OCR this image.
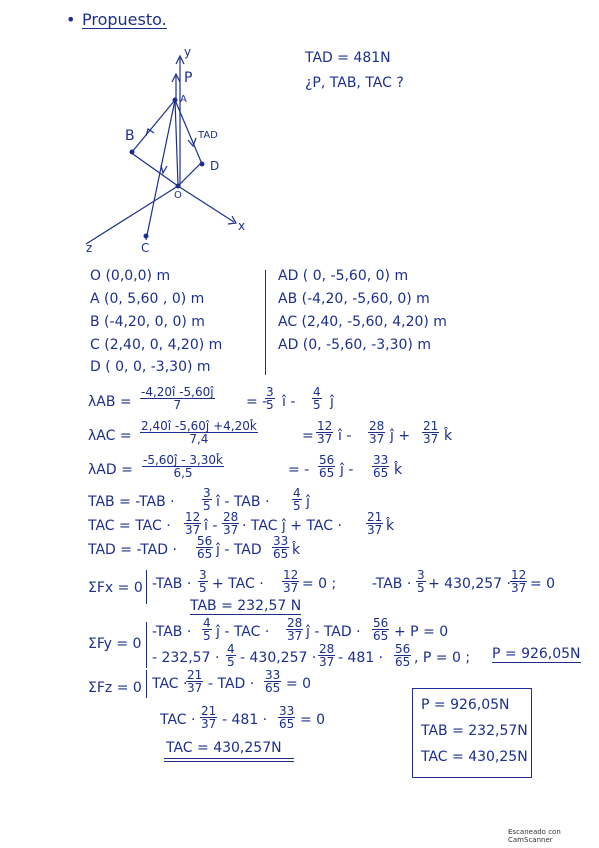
• Propuesto.
TAD = 481N
¿P, TAB, TAC ?
y
P
A
B	TAD
D
O
x
z	C
O (0,0,0) m
A (0, 5,60 , 0) m
B (-4,20, 0, 0) m
C (2,40, 0, 4,20) m
D ( 0, 0, -3,30) m
AD ( 0, -5,60, 0) m
AB (-4,20, -5,60, 0) m
AC (2,40, -5,60, 4,20) m
AD (0, -5,60, -3,30) m
$\lambda AB = \frac{-4,20î -5,60ĵ}{7}$ = -
$\frac{3}{5}$ î - $\frac{4}{5}$ ĵ
$\lambda AC = \frac{2,40î -5,60ĵ +4,20k̂}{7,4}$	= $\frac{12}{37}$ î - $\frac{28}{37}$ ĵ + $\frac{21}{37}$ k̂
$\lambda AD = \frac{-5,60ĵ - 3,30k̂}{6,5}$	= - $\frac{56}{65}$ ĵ - $\frac{33}{65}$ k̂
TAB = $-TAB \cdot \frac{3}{5}$ î - TAB · $\frac{4}{5}$ ĵ
TAC = TAC · $\frac{12}{37}$ î - $\frac{28}{37}$ · TAC ĵ + TAC · $\frac{21}{37}$ k̂
TAD = $-TAD \cdot \frac{56}{65}$ ĵ - TAD $\frac{33}{65}$ k̂
ΣFx = 0 $-TAB \cdot \frac{3}{5}$ + TAC · $\frac{12}{37} = 0$ ;	$-TAB \cdot \frac{3}{5} + 430,257 \cdot \frac{12}{37} = 0$
TAB = 232,57 N
ΣFy = 0
$-TAB \cdot \frac{4}{5}$ ĵ - TAC · $\frac{28}{37}$ ĵ - TAD · $\frac{56}{65} + P = 0$
- $232,57 \cdot \frac{4}{5} - 430,257 \cdot \frac{28}{37} - 481 \cdot \frac{56}{65}$ , P = 0 ; P = 926,05N
ΣFz = 0 TAC ·
$\frac{21}{37}$ - TAD · $\frac{33}{65} = 0$
TAC · $\frac{21}{37} - 481 \cdot \frac{33}{65} = 0$
TAC = 430,257N
P = 926,05N
TAB = 232,57N
TAC = 430,25N
Escaneado con CamScanner
